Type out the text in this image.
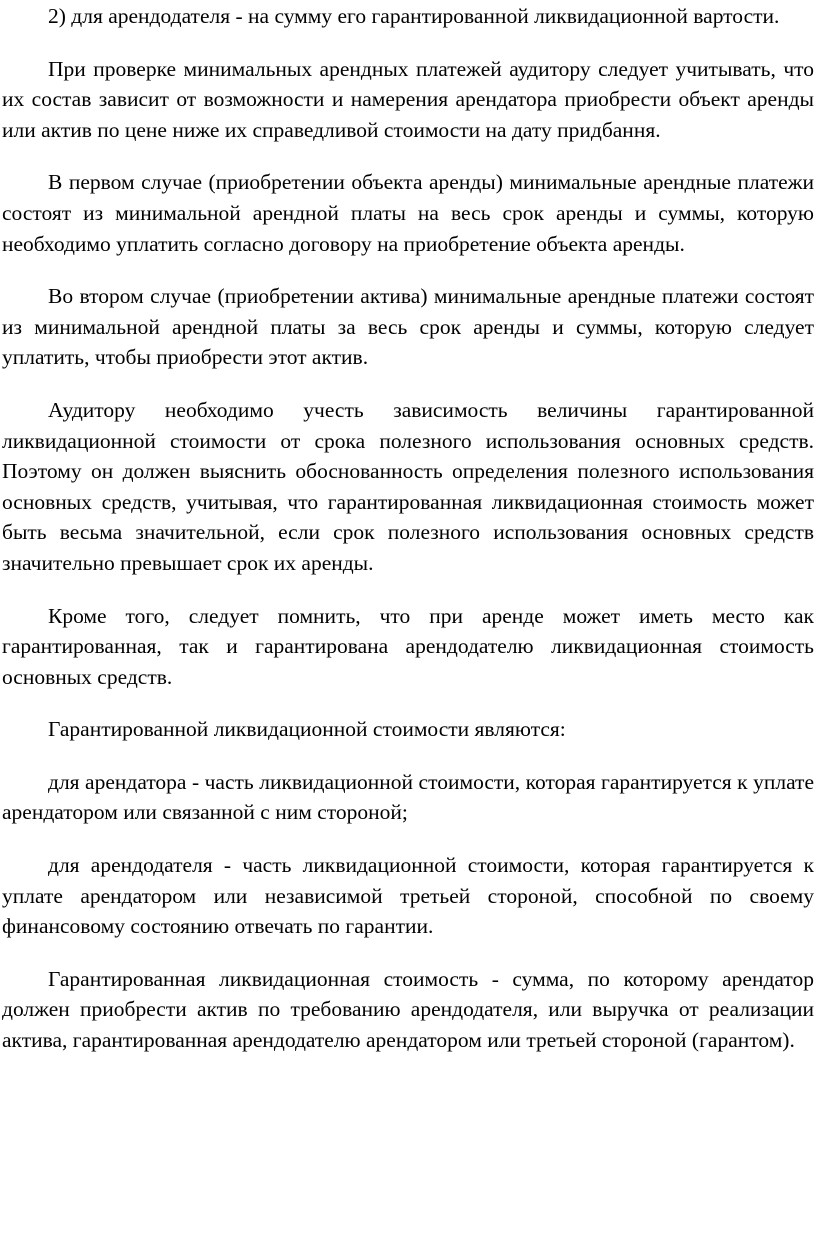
2) для арендодателя - на сумму его гарантированной ликвидационной вартости.

При проверке минимальных арендных платежей аудитору следует учитывать, что их состав зависит от возможности и намерения арендатора приобрести объект аренды или актив по цене ниже их справедливой стоимости на дату придбання.

В первом случае (приобретении объекта аренды) минимальные арендные платежи состоят из минимальной арендной платы на весь срок аренды и суммы, которую необходимо уплатить согласно договору на приобретение объекта аренды.

Во втором случае (приобретении актива) минимальные арендные платежи состоят из минимальной арендной платы за весь срок аренды и суммы, которую следует уплатить, чтобы приобрести этот актив.

Аудитору необходимо учесть зависимость величины гарантированной ликвидационной стоимости от срока полезного использования основных средств. Поэтому он должен выяснить обоснованность определения полезного использования основных средств, учитывая, что гарантированная ликвидационная стоимость может быть весьма значительной, если срок полезного использования основных средств значительно превышает срок их аренды.

Кроме того, следует помнить, что при аренде может иметь место как гарантированная, так и гарантирована арендодателю ликвидационная стоимость основных средств.

Гарантированной ликвидационной стоимости являются:

для арендатора - часть ликвидационной стоимости, которая гарантируется к уплате арендатором или связанной с ним стороной;

для арендодателя - часть ликвидационной стоимости, которая гарантируется к уплате арендатором или независимой третьей стороной, способной по своему финансовому состоянию отвечать по гарантии.

Гарантированная ликвидационная стоимость - сумма, по которому арендатор должен приобрести актив по требованию арендодателя, или выручка от реализации актива, гарантированная арендодателю арендатором или третьей стороной (гарантом).
